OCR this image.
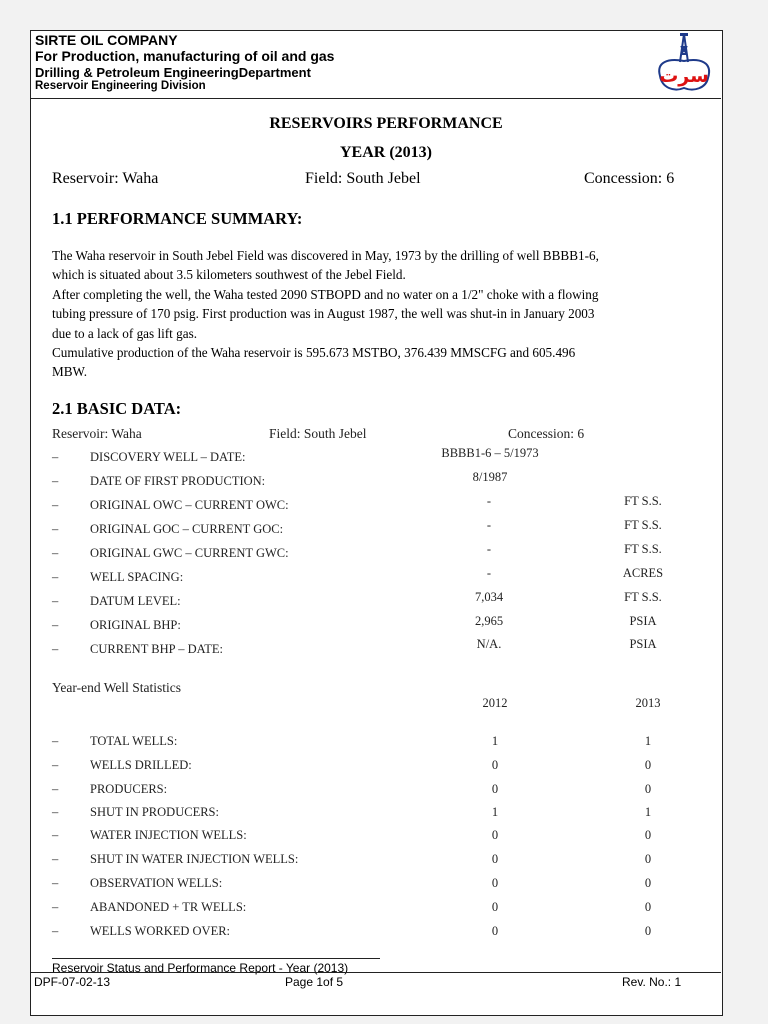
SIRTE OIL COMPANY
For Production, manufacturing of oil and gas
Drilling & Petroleum EngineeringDepartment
Reservoir Engineering Division	سرت
RESERVOIRS PERFORMANCE
YEAR (2013)
Reservoir: Waha	Field: South Jebel	Concession: 6
1.1 PERFORMANCE SUMMARY:
The Waha reservoir in South Jebel Field was discovered in May, 1973 by the drilling of well BBBB1-6,
which is situated about 3.5 kilometers southwest of the Jebel Field.
After completing the well, the Waha tested 2090 STBOPD and no water on a 1/2" choke with a flowing
tubing pressure of 170 psig. First production was in August 1987, the well was shut-in in January 2003
due to a lack of gas lift gas.
Cumulative production of the Waha reservoir is 595.673 MSTBO, 376.439 MMSCFG and 605.496
MBW.
2.1 BASIC DATA:
Reservoir: Waha	Field: South Jebel	Concession: 6
–	DISCOVERY WELL – DATE:	BBBB1-6 – 5/1973
–	DATE OF FIRST PRODUCTION:	8/1987
–	ORIGINAL OWC – CURRENT OWC:	-	FT S.S.
–	ORIGINAL GOC – CURRENT GOC:	-	FT S.S.
–	ORIGINAL GWC – CURRENT GWC:	-	FT S.S.
–	WELL SPACING:	-	ACRES
–	DATUM LEVEL:	7,034	FT S.S.
–	ORIGINAL BHP:	2,965	PSIA
–	CURRENT BHP – DATE:	N/A.	PSIA
Year-end Well Statistics
2012	2013
–	TOTAL WELLS:	1	1
–	WELLS DRILLED:	0	0
–	PRODUCERS:	0	0
–	SHUT IN PRODUCERS:	1	1
–	WATER INJECTION WELLS:	0	0
–	SHUT IN WATER INJECTION WELLS:	0	0
–	OBSERVATION WELLS:	0	0
–	ABANDONED + TR WELLS:	0	0
–	WELLS WORKED OVER:	0	0
Reservoir Status and Performance Report - Year (2013)
DPF-07-02-13	Page 1of 5	Rev. No.: 1
